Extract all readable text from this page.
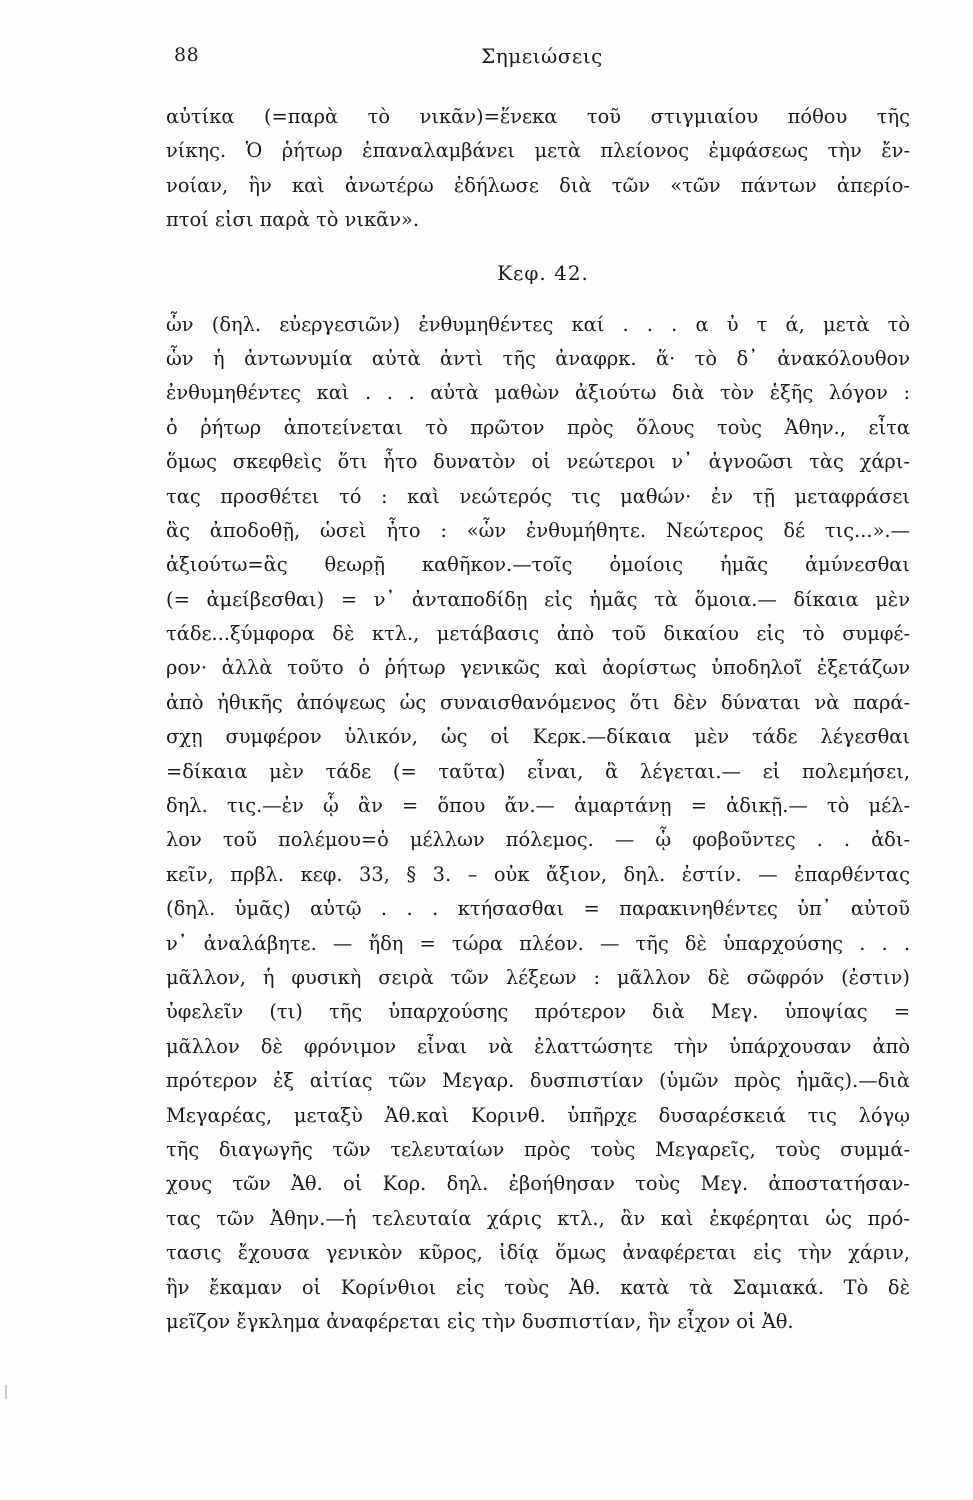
88	Σημειώσεις
αὐτίκα (=παρὰ τὸ νικᾶν)=ἕνεκα τοῦ στιγμιαίου πόθου τῆς
νίκης. Ὁ ῥήτωρ ἐπαναλαμβάνει μετὰ πλείονος ἐμφάσεως τὴν ἔν-
νοίαν, ἣν καὶ ἀνωτέρω ἐδήλωσε διὰ τῶν «τῶν πάντων ἀπερίο-
πτοί εἰσι παρὰ τὸ νικᾶν».
Κεφ. 42.
ὧν (δηλ. εὐεργεσιῶν) ἐνθυμηθέντες καί . . . α ὐ τ ά, μετὰ τὸ
ὧν ἡ ἀντωνυμία αὐτὰ ἀντὶ τῆς ἀναφρκ. ἅ· τὸ δ᾿ ἀνακόλουθον
ἐνθυμηθέντες καὶ . . . αὐτὰ μαθὼν ἀξιούτω διὰ τὸν ἑξῆς λόγον :
ὁ ῥήτωρ ἀποτείνεται τὸ πρῶτον πρὸς ὅλους τοὺς Ἀθην., εἶτα
ὅμως σκεφθεὶς ὅτι ἦτο δυνατὸν οἱ νεώτεροι ν᾿ ἀγνοῶσι τὰς χάρι-
τας προσθέτει τό : καὶ νεώτερός τις μαθών· ἐν τῇ μεταφράσει
ἃς ἀποδοθῇ, ὡσεὶ ἦτο : «ὧν ἐνθυμήθητε. Νεώτερος δέ τις...».—
ἀξιούτω=ἃς θεωρῇ καθῆκον.—τοῖς ὁμοίοις ἡμᾶς ἀμύνεσθαι
(= ἀμείβεσθαι) = ν᾿ ἀνταποδίδῃ εἰς ἡμᾶς τὰ ὅμοια.— δίκαια μὲν
τάδε...ξύμφορα δὲ κτλ., μετάβασις ἀπὸ τοῦ δικαίου εἰς τὸ συμφέ-
ρον· ἀλλὰ τοῦτο ὁ ῥήτωρ γενικῶς καὶ ἀορίστως ὑποδηλοῖ ἐξετάζων
ἀπὸ ἠθικῆς ἀπόψεως ὡς συναισθανόμενος ὅτι δὲν δύναται νὰ παρά-
σχῃ συμφέρον ὑλικόν, ὡς οἱ Κερκ.—δίκαια μὲν τάδε λέγεσθαι
=δίκαια μὲν τάδε (= ταῦτα) εἶναι, ἃ λέγεται.— εἰ πολεμήσει,
δηλ. τις.—ἐν ᾧ ἂν = ὅπου ἄν.— ἁμαρτάνῃ = ἀδικῇ.— τὸ μέλ-
λον τοῦ πολέμου=ὁ μέλλων πόλεμος. — ᾧ φοβοῦντες . . ἀδι-
κεῖν, πρβλ. κεφ. 33, § 3. – οὐκ ἄξιον, δηλ. ἐστίν. — ἐπαρθέντας
(δηλ. ὑμᾶς) αὐτῷ . . . κτήσασθαι = παρακινηθέντες ὑπ᾿ αὐτοῦ
ν᾿ ἀναλάβητε. — ἤδη = τώρα πλέον. — τῆς δὲ ὑπαρχούσης . . .
μᾶλλον, ἡ φυσικὴ σειρὰ τῶν λέξεων : μᾶλλον δὲ σῶφρόν (ἐστιν)
ὑφελεῖν (τι) τῆς ὑπαρχούσης πρότερον διὰ Μεγ. ὑποψίας =
μᾶλλον δὲ φρόνιμον εἶναι νὰ ἐλαττώσητε τὴν ὑπάρχουσαν ἀπὸ
πρότερον ἐξ αἰτίας τῶν Μεγαρ. δυσπιστίαν (ὑμῶν πρὸς ἡμᾶς).—διὰ
Μεγαρέας, μεταξὺ Ἀθ.καὶ Κορινθ. ὑπῆρχε δυσαρέσκειά τις λόγῳ
τῆς διαγωγῆς τῶν τελευταίων πρὸς τοὺς Μεγαρεῖς, τοὺς συμμά-
χους τῶν Ἀθ. οἱ Κορ. δηλ. ἐβοήθησαν τοὺς Μεγ. ἀποστατήσαν-
τας τῶν Ἀθην.—ἡ τελευταία χάρις κτλ., ἂν καὶ ἐκφέρηται ὡς πρό-
τασις ἔχουσα γενικὸν κῦρος, ἰδίᾳ ὅμως ἀναφέρεται εἰς τὴν χάριν,
ἣν ἔκαμαν οἱ Κορίνθιοι εἰς τοὺς Ἀθ. κατὰ τὰ Σαμιακά. Τὸ δὲ
μεῖζον ἔγκλημα ἀναφέρεται εἰς τὴν δυσπιστίαν, ἣν εἶχον οἱ Ἀθ.
